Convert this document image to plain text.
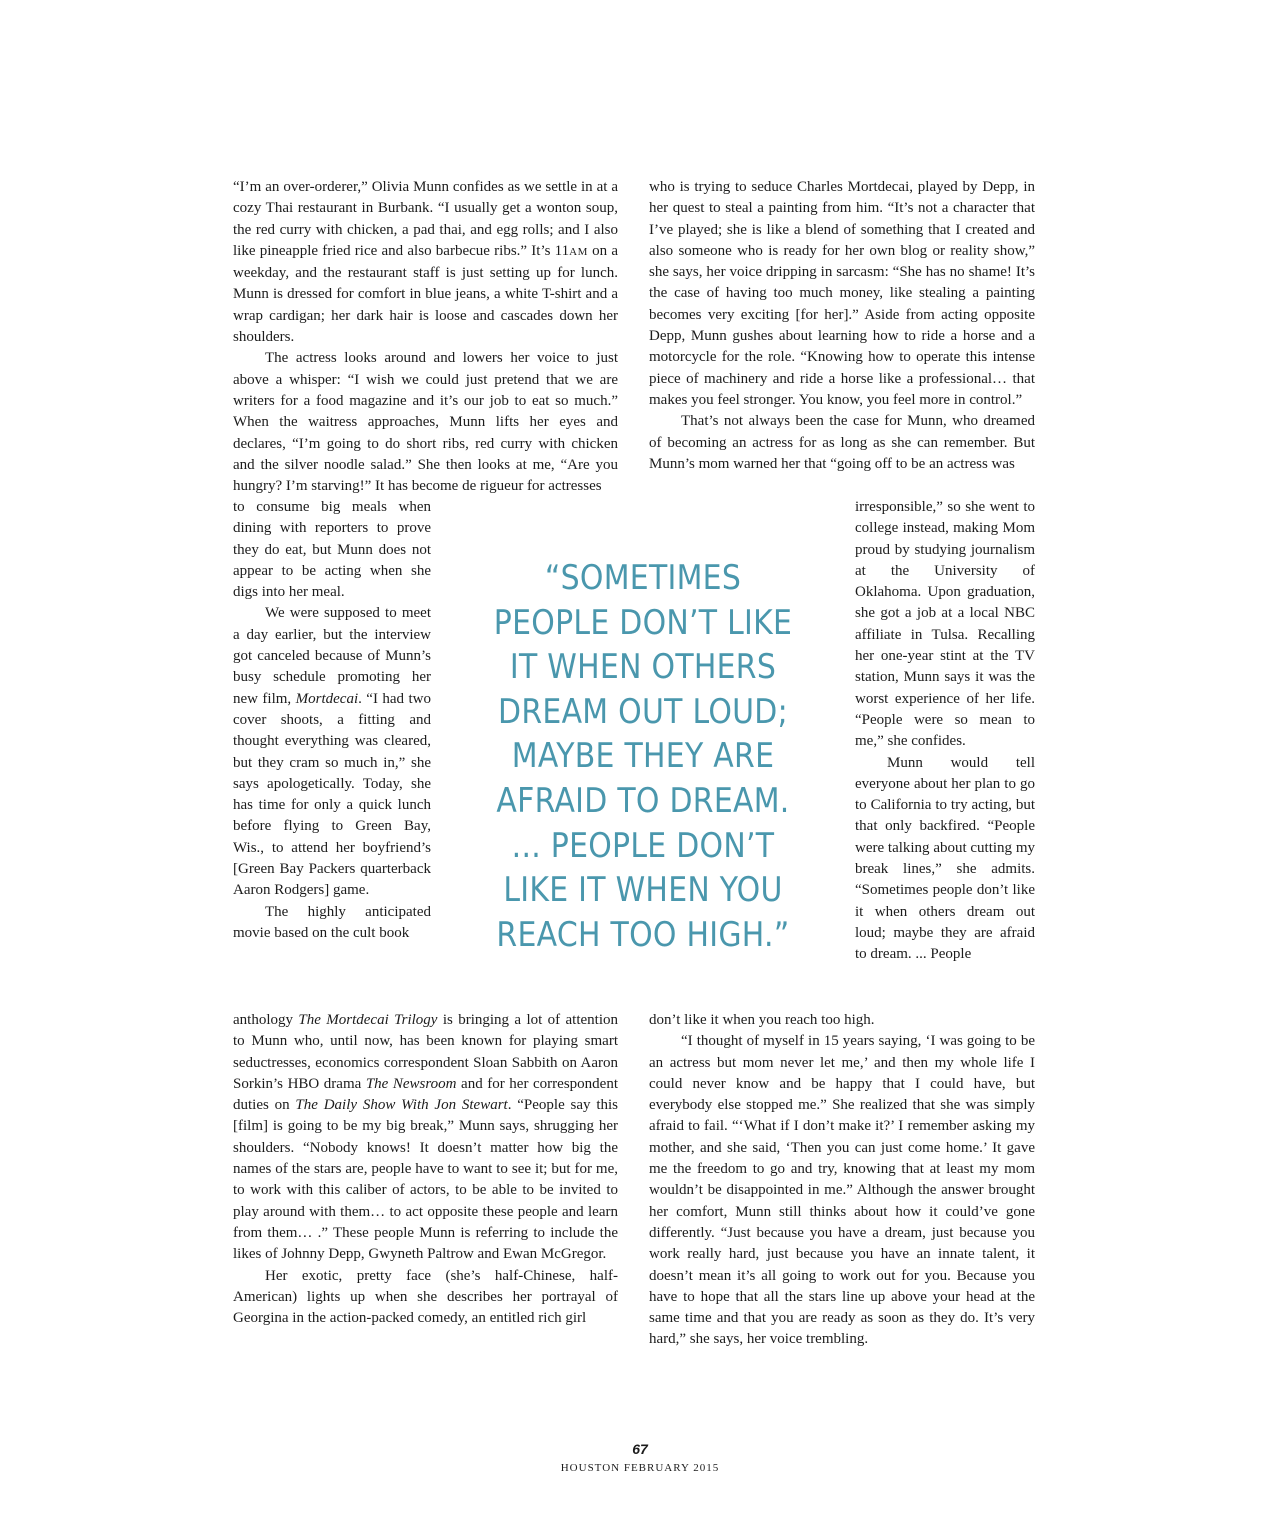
“I’m an over-orderer,” Olivia Munn confides as we settle in at a cozy Thai restaurant in Burbank. “I usually get a wonton soup, the red curry with chicken, a pad thai, and egg rolls; and I also like pineapple fried rice and also barbecue ribs.” It’s 11AM on a weekday, and the restaurant staff is just setting up for lunch. Munn is dressed for comfort in blue jeans, a white T-shirt and a wrap cardigan; her dark hair is loose and cascades down her shoulders.

The actress looks around and lowers her voice to just above a whisper: “I wish we could just pretend that we are writers for a food magazine and it’s our job to eat so much.” When the waitress approaches, Munn lifts her eyes and declares, “I’m going to do short ribs, red curry with chicken and the silver noodle salad.” She then looks at me, “Are you hungry? I’m starving!” It has become de rigueur for actresses

to consume big meals when dining with reporters to prove they do eat, but Munn does not appear to be acting when she digs into her meal.

We were supposed to meet a day earlier, but the interview got canceled because of Munn’s busy schedule promoting her new film, Mortdecai. “I had two cover shoots, a fitting and thought everything was cleared, but they cram so much in,” she says apologetically. Today, she has time for only a quick lunch before flying to Green Bay, Wis., to attend her boyfriend’s [Green Bay Packers quarterback Aaron Rodgers] game.

The highly anticipated movie based on the cult book

anthology The Mortdecai Trilogy is bringing a lot of attention to Munn who, until now, has been known for playing smart seductresses, economics correspondent Sloan Sabbith on Aaron Sorkin’s HBO drama The Newsroom and for her correspondent duties on The Daily Show With Jon Stewart. “People say this [film] is going to be my big break,” Munn says, shrugging her shoulders. “Nobody knows! It doesn’t matter how big the names of the stars are, people have to want to see it; but for me, to work with this caliber of actors, to be able to be invited to play around with them… to act opposite these people and learn from them… .” These people Munn is referring to include the likes of Johnny Depp, Gwyneth Paltrow and Ewan McGregor.

Her exotic, pretty face (she’s half-Chinese, half-American) lights up when she describes her portrayal of Georgina in the action-packed comedy, an entitled rich girl

who is trying to seduce Charles Mortdecai, played by Depp, in her quest to steal a painting from him. “It’s not a character that I’ve played; she is like a blend of something that I created and also someone who is ready for her own blog or reality show,” she says, her voice dripping in sarcasm: “She has no shame! It’s the case of having too much money, like stealing a painting becomes very exciting [for her].” Aside from acting opposite Depp, Munn gushes about learning how to ride a horse and a motorcycle for the role. “Knowing how to operate this intense piece of machinery and ride a horse like a professional… that makes you feel stronger. You know, you feel more in control.”

That’s not always been the case for Munn, who dreamed of becoming an actress for as long as she can remember. But Munn’s mom warned her that “going off to be an actress was

irresponsible,” so she went to college instead, making Mom proud by studying journalism at the University of Oklahoma. Upon graduation, she got a job at a local NBC affiliate in Tulsa. Recalling her one-year stint at the TV station, Munn says it was the worst experience of her life. “People were so mean to me,” she confides.

Munn would tell everyone about her plan to go to California to try acting, but that only backfired. “People were talking about cutting my break lines,” she admits. “Sometimes people don’t like it when others dream out loud; maybe they are afraid to dream. ... People

don’t like it when you reach too high.

“I thought of myself in 15 years saying, ‘I was going to be an actress but mom never let me,’ and then my whole life I could never know and be happy that I could have, but everybody else stopped me.” She realized that she was simply afraid to fail. “‘What if I don’t make it?’ I remember asking my mother, and she said, ‘Then you can just come home.’ It gave me the freedom to go and try, knowing that at least my mom wouldn’t be disappointed in me.” Although the answer brought her comfort, Munn still thinks about how it could’ve gone differently. “Just because you have a dream, just because you work really hard, just because you have an innate talent, it doesn’t mean it’s all going to work out for you. Because you have to hope that all the stars line up above your head at the same time and that you are ready as soon as they do. It’s very hard,” she says, her voice trembling.

“SOMETIMES PEOPLE DON’T LIKE IT WHEN OTHERS DREAM OUT LOUD; MAYBE THEY ARE AFRAID TO DREAM. ... PEOPLE DON’T LIKE IT WHEN YOU REACH TOO HIGH.”
67
HOUSTON FEBRUARY 2015
